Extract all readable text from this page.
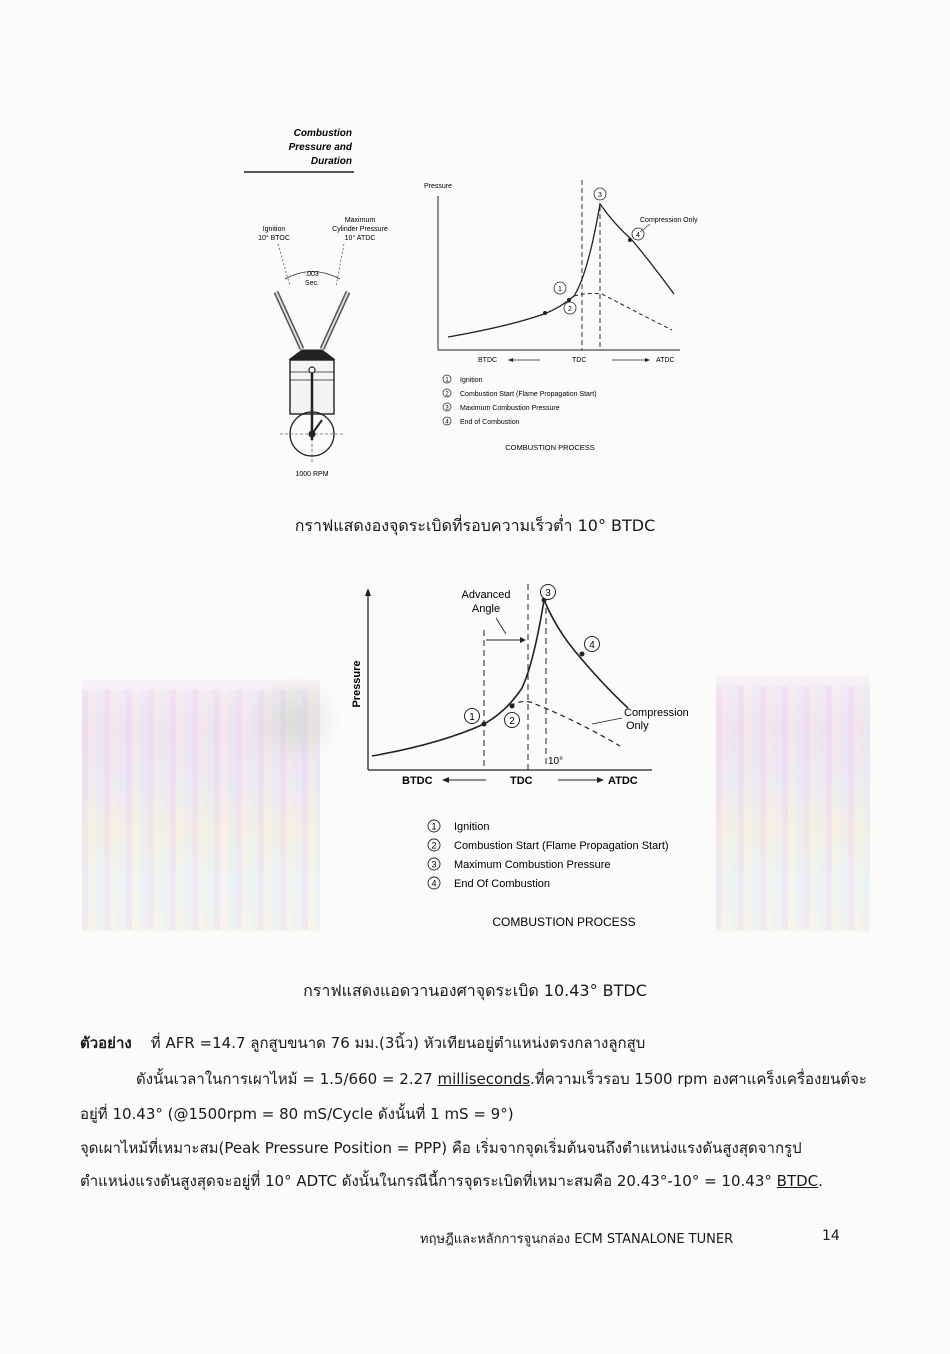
Combustion
Pressure and
Duration
Ignition
10° BTOC
Maximum
Cylinder Pressure
10° ATDC
.003
Sec.
1000 RPM
Pressure
1
2
3
4
Compression Only
BTDC	TDC	ATDC
1 Ignition
2 Combustion Start (Flame Propagation Start)
3 Maximum Combustion Pressure
4 End of Combustion
COMBUSTION PROCESS
กราฟแสดงองจุดระเบิดที่รอบความเร็วต่ำ 10° BTDC
Pressure
Advanced
Angle
1	2
3
4
Compression
Only
10°
BTDC	TDC	ATDC
1 Ignition
2 Combustion Start (Flame Propagation Start)
3 Maximum Combustion Pressure
4 End Of Combustion
COMBUSTION PROCESS
กราฟแสดงแอดวานองศาจุดระเบิด 10.43° BTDC
ตัวอย่าง ที่ AFR =14.7 ลูกสูบขนาด 76 มม.(3นิ้ว) หัวเทียนอยู่ตำแหน่งตรงกลางลูกสูบ
ดังนั้นเวลาในการเผาไหม้ = 1.5/660 = 2.27 milliseconds.ที่ความเร็วรอบ 1500 rpm องศาแคร็งเครื่องยนต์จะ
อยู่ที่ 10.43° (@1500rpm = 80 mS/Cycle ดังนั้นที่ 1 mS = 9°)
จุดเผาไหม้ที่เหมาะสม(Peak Pressure Position = PPP) คือ เริ่มจากจุดเริ่มต้นจนถึงตำแหน่งแรงดันสูงสุดจากรูป
ตำแหน่งแรงดันสูงสุดจะอยู่ที่ 10° ADTC ดังนั้นในกรณีนี้การจุดระเบิดที่เหมาะสมคือ 20.43°-10° = 10.43° BTDC.
ทฤษฎีและหลักการจูนกล่อง ECM STANALONE TUNER	14
